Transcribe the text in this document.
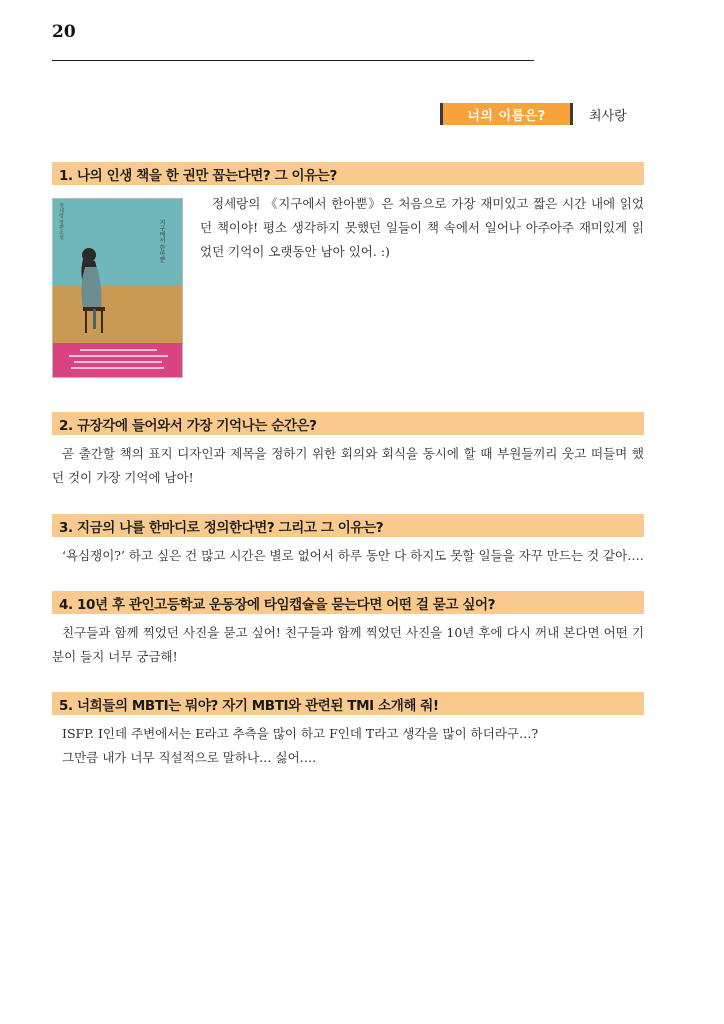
20
너의 이름은?	최사랑
1. 나의 인생 책을 한 권만 꼽는다면? 그 이유는?
정세랑 장편소설	지구에서 한아뿐
정세랑의 《지구에서 한아뿐》은 처음으로 가장 재미있고 짧은 시간 내에 읽었던 책이야! 평소 생각하지 못했던 일들이 책 속에서 일어나 아주아주 재미있게 읽었던 기억이 오랫동안 남아 있어. :)
2. 규장각에 들어와서 가장 기억나는 순간은?
곧 출간할 책의 표지 디자인과 제목을 정하기 위한 회의와 회식을 동시에 할 때 부원들끼리 웃고 떠들며 했던 것이 가장 기억에 남아!
3. 지금의 나를 한마디로 정의한다면? 그리고 그 이유는?
‘욕심쟁이?’ 하고 싶은 건 많고 시간은 별로 없어서 하루 동안 다 하지도 못할 일들을 자꾸 만드는 것 같아….
4. 10년 후 관인고등학교 운동장에 타임캡슐을 묻는다면 어떤 걸 묻고 싶어?
친구들과 함께 찍었던 사진을 묻고 싶어! 친구들과 함께 찍었던 사진을 10년 후에 다시 꺼내 본다면 어떤 기분이 들지 너무 궁금해!
5. 너희들의 MBTI는 뭐야? 자기 MBTI와 관련된 TMI 소개해 줘!
ISFP. I인데 주변에서는 E라고 추측을 많이 하고 F인데 T라고 생각을 많이 하더라구…?
그만큼 내가 너무 직설적으로 말하나… 싫어….
